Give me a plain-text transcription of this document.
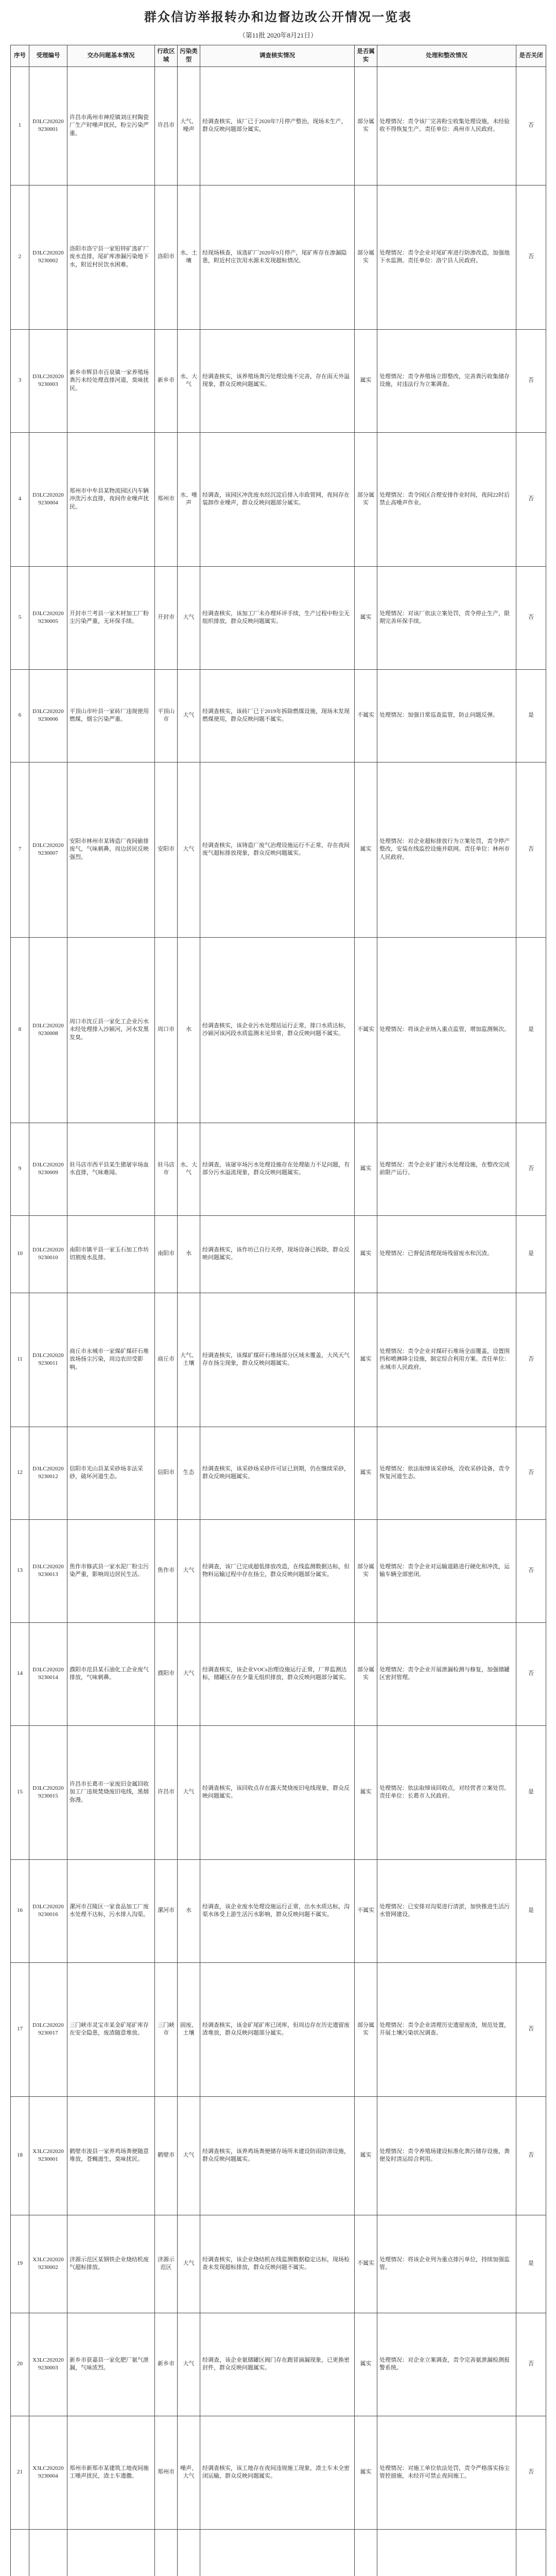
群众信访举报转办和边督边改公开情况一览表
（第11批 2020年8月21日）
序号	受理编号	交办问题基本情况	行政区域	污染类型	调查核实情况	是否属实	处理和整改情况	是否关闭
1	D3LC2020209230001	许昌市禹州市神垕镇刘庄村陶瓷厂生产时噪声扰民，粉尘污染严重。	许昌市	大气、噪声	经调查核实，该厂已于2020年7月停产整治，现场未生产，群众反映问题部分属实。	部分属实	处理情况：责令该厂完善粉尘收集处理设施，未经验收不得恢复生产。责任单位：禹州市人民政府。	否
2	D3LC2020209230002	洛阳市洛宁县一家铅锌矿选矿厂废水直排，尾矿库渗漏污染地下水，附近村民饮水困难。	洛阳市	水、土壤	经现场核查，该选矿厂2020年9月停产，尾矿库存在渗漏隐患，附近村庄饮用水源未发现超标情况。	部分属实	处理情况：责令企业对尾矿库进行防渗改造，加强地下水监测。责任单位：洛宁县人民政府。	否
3	D3LC2020209230003	新乡市辉县市百泉镇一家养殖场粪污未经处理直排河道，臭味扰民。	新乡市	水、大气	经调查核实，该养殖场粪污处理设施不完善，存在雨天外溢现象，群众反映问题属实。	属实	处理情况：责令养殖场立即整改，完善粪污收集储存设施，对违法行为立案调查。	否
4	D3LC2020209230004	郑州市中牟县某物流园区内车辆冲洗污水直排，夜间作业噪声扰民。	郑州市	水、噪声	经调查，该园区冲洗废水经沉淀后排入市政管网，夜间存在装卸作业噪声，群众反映问题部分属实。	部分属实	处理情况：责令园区合理安排作业时间，夜间22时后禁止高噪声作业。	否
5	D3LC2020209230005	开封市兰考县一家木材加工厂粉尘污染严重，无环保手续。	开封市	大气	经调查核实，该加工厂未办理环评手续，生产过程中粉尘无组织排放，群众反映问题属实。	属实	处理情况：对该厂依法立案处罚，责令停止生产，限期完善环保手续。	否
6	D3LC2020209230006	平顶山市叶县一家砖厂违规使用燃煤，烟尘污染严重。	平顶山市	大气	经调查核实，该砖厂已于2019年拆除燃煤设施，现场未发现燃煤使用，群众反映问题不属实。	不属实	处理情况：加强日常巡查监管，防止问题反弹。	是
7	D3LC2020209230007	安阳市林州市某铸造厂夜间偷排废气，气味刺鼻，周边居民反映强烈。	安阳市	大气	经调查核实，该铸造厂废气治理设施运行不正常，存在夜间废气超标排放现象，群众反映问题属实。	属实	处理情况：对企业超标排放行为立案处罚，责令停产整改，安装在线监控设施并联网。责任单位：林州市人民政府。	否
8	D3LC2020209230008	周口市沈丘县一家化工企业污水未经处理排入沙颍河，河水发黑发臭。	周口市	水	经调查核实，该企业污水处理站运行正常，排口水质达标，沙颍河该河段水质监测未见异常，群众反映问题不属实。	不属实	处理情况：将该企业纳入重点监管，增加监测频次。	是
9	D3LC2020209230009	驻马店市西平县某生猪屠宰场血水直排，气味难闻。	驻马店市	水、大气	经调查，该屠宰场污水处理设施存在处理能力不足问题，有部分污水溢流现象，群众反映问题属实。	属实	处理情况：责令企业扩建污水处理设施，在整改完成前限产运行。	否
10	D3LC2020209230010	南阳市镇平县一家玉石加工作坊切割废水乱排。	南阳市	水	经调查核实，该作坊已自行关停，现场设备已拆除，群众反映问题属实。	属实	处理情况：已督促清理现场残留废水和沉渣。	是
11	D3LC2020209230011	商丘市永城市一家煤矿煤矸石堆放场扬尘污染，周边农田受影响。	商丘市	大气、土壤	经调查核实，该煤矿煤矸石堆场部分区域未覆盖，大风天气存在扬尘现象，群众反映问题属实。	属实	处理情况：责令企业对煤矸石堆场全面覆盖，设置围挡和喷淋降尘设施，制定综合利用方案。责任单位：永城市人民政府。	否
12	D3LC2020209230012	信阳市光山县某采砂场非法采砂，破坏河道生态。	信阳市	生态	经调查核实，该采砂场采砂许可证已到期，仍在继续采砂，群众反映问题属实。	属实	处理情况：依法取缔该采砂场，没收采砂设备，责令恢复河道生态。	否
13	D3LC2020209230013	焦作市修武县一家水泥厂粉尘污染严重，影响周边居民生活。	焦作市	大气	经调查，该厂已完成超低排放改造，在线监测数据达标，但物料运输过程中存在扬尘，群众反映问题部分属实。	部分属实	处理情况：责令企业对运输道路进行硬化和冲洗，运输车辆全部密闭。	否
14	D3LC2020209230014	濮阳市范县某石油化工企业废气排放，气味刺鼻。	濮阳市	大气	经调查核实，该企业VOCs治理设施运行正常，厂界监测达标，储罐区存在少量无组织排放，群众反映问题部分属实。	部分属实	处理情况：责令企业开展泄漏检测与修复，加强储罐区密封管理。	否
15	D3LC2020209230015	许昌市长葛市一家废旧金属回收加工厂违规焚烧废旧电线，黑烟弥漫。	许昌市	大气	经调查核实，该回收点存在露天焚烧废旧电线现象，群众反映问题属实。	属实	处理情况：依法取缔该回收点，对经营者立案处罚。责任单位：长葛市人民政府。	是
16	D3LC2020209230016	漯河市召陵区一家食品加工厂废水处理不达标，污水排入沟渠。	漯河市	水	经调查，该企业废水处理设施运行正常，出水水质达标，沟渠水体受上游生活污水影响，群众反映问题不属实。	不属实	处理情况：已安排对沟渠进行清淤，加快推进生活污水管网建设。	是
17	D3LC2020209230017	三门峡市灵宝市某金矿尾矿库存在安全隐患，废渣随意堆放。	三门峡市	固废、土壤	经调查核实，该金矿尾矿库已闭库，但周边存在历史遗留废渣堆放，群众反映问题部分属实。	部分属实	处理情况：责令企业清理历史遗留废渣，规范处置，开展土壤污染状况调查。	否
18	X3LC2020209230001	鹤壁市浚县一家养鸡场粪便随意堆放，苍蝇滋生，臭味扰民。	鹤壁市	大气	经调查核实，该养鸡场粪便储存场所未建设防雨防渗设施，群众反映问题属实。	属实	处理情况：责令养殖场建设标准化粪污储存设施，粪便及时清运综合利用。	否
19	X3LC2020209230002	济源示范区某钢铁企业烧结机废气超标排放。	济源示范区	大气	经调查核实，该企业烧结机在线监测数据稳定达标，现场检查未发现超标排放，群众反映问题不属实。	不属实	处理情况：将该企业列为重点排污单位，持续加强监管。	是
20	X3LC2020209230003	新乡市获嘉县一家化肥厂氨气泄漏，气味浓烈。	新乡市	大气	经调查，该企业氨储罐区阀门存在跑冒滴漏现象，已更换密封件，群众反映问题属实。	属实	处理情况：对企业立案调查，责令完善氨泄漏检测报警系统。	否
21	X3LC2020209230004	郑州市新郑市某建筑工地夜间施工噪声扰民，渣土车遗撒。	郑州市	噪声、大气	经调查核实，该工地存在夜间违规施工现象，渣土车未全密闭运输，群众反映问题属实。	属实	处理情况：对施工单位依法处罚，责令严格落实扬尘管控措施，未经许可禁止夜间施工。	否
